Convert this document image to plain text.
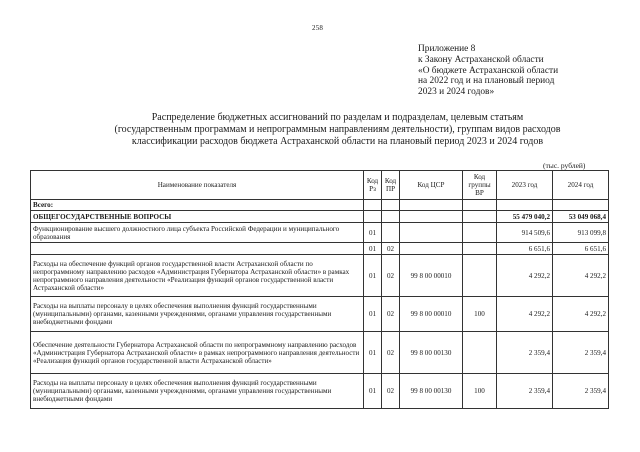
258
Приложение 8
к Закону Астраханской области
«О бюджете Астраханской области
на 2022 год и на плановый период
2023 и 2024 годов»
Распределение бюджетных ассигнований по разделам и подразделам, целевым статьям
(государственным программам и непрограммным направлениям деятельности), группам видов расходов
классификации расходов бюджета Астраханской области на плановый период 2023 и 2024 годов
(тыс. рублей)
Наименование показателя	Код Рз	Код ПР	Код ЦСР	Код группы ВР	2023 год	2024 год
Всего:						
ОБЩЕГОСУДАРСТВЕННЫЕ ВОПРОСЫ					55 479 040,2	53 049 068,4
Функционирование высшего должностного лица субъекта Российской Федерации и муниципального образования	01				914 509,6	913 099,8
	01	02			6 651,6	6 651,6
Расходы на обеспечение функций органов государственной власти Астраханской области по непрограммному направлению расходов «Администрация Губернатора Астраханской области» в рамках непрограммного направления деятельности «Реализация функций органов государственной власти Астраханской области»	01	02	99 8 00 00010		4 292,2	4 292,2
Расходы на выплаты персоналу в целях обеспечения выполнения функций государственными (муниципальными) органами, казенными учреждениями, органами управления государственными внебюджетными фондами	01	02	99 8 00 00010	100	4 292,2	4 292,2
Обеспечение деятельности Губернатора Астраханской области по непрограммному направлению расходов «Администрация Губернатора Астраханской области» в рамках непрограммного направления деятельности «Реализация функций органов государственной власти Астраханской области»	01	02	99 8 00 00130		2 359,4	2 359,4
Расходы на выплаты персоналу в целях обеспечения выполнения функций государственными (муниципальными) органами, казенными учреждениями, органами управления государственными внебюджетными фондами	01	02	99 8 00 00130	100	2 359,4	2 359,4
